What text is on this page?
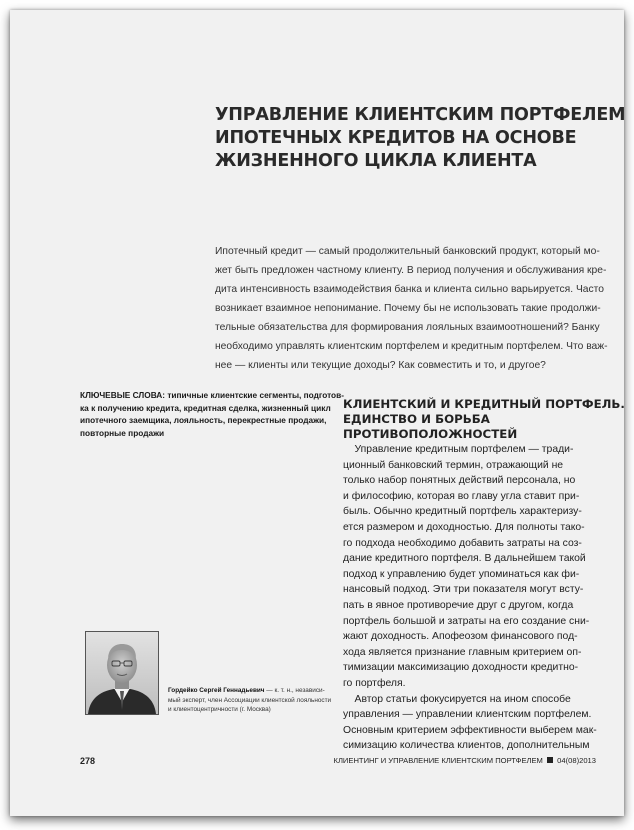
УПРАВЛЕНИЕ КЛИЕНТСКИМ ПОРТФЕЛЕМ
ИПОТЕЧНЫХ КРЕДИТОВ НА ОСНОВЕ
ЖИЗНЕННОГО ЦИКЛА КЛИЕНТА
Ипотечный кредит — самый продолжительный банковский продукт, который мо-
жет быть предложен частному клиенту. В период получения и обслуживания кре-
дита интенсивность взаимодействия банка и клиента сильно варьируется. Часто
возникает взаимное непонимание. Почему бы не использовать такие продолжи-
тельные обязательства для формирования лояльных взаимоотношений? Банку
необходимо управлять клиентским портфелем и кредитным портфелем. Что важ-
нее — клиенты или текущие доходы? Как совместить и то, и другое?
КЛЮЧЕВЫЕ СЛОВА: типичные клиентские сегменты, подготов-
ка к получению кредита, кредитная сделка, жизненный цикл
ипотечного заемщика, лояльность, перекрестные продажи,
повторные продажи
КЛИЕНТСКИЙ И КРЕДИТНЫЙ ПОРТФЕЛЬ.
ЕДИНСТВО И БОРЬБА
ПРОТИВОПОЛОЖНОСТЕЙ
Управление кредитным портфелем — тради-
ционный банковский термин, отражающий не
только набор понятных действий персонала, но
и философию, которая во главу угла ставит при-
быль. Обычно кредитный портфель характеризу-
ется размером и доходностью. Для полноты тако-
го подхода необходимо добавить затраты на соз-
дание кредитного портфеля. В дальнейшем такой
подход к управлению будет упоминаться как фи-
нансовый подход. Эти три показателя могут всту-
пать в явное противоречие друг с другом, когда
портфель большой и затраты на его создание сни-
жают доходность. Апофеозом финансового под-
хода является признание главным критерием оп-
тимизации максимизацию доходности кредитно-
го портфеля.
Автор статьи фокусируется на ином способе
управления — управлении клиентским портфелем.
Основным критерием эффективности выберем мак-
симизацию количества клиентов, дополнительным
Гордейко Сергей Геннадьевич — к. т. н., независи-
мый эксперт, член Ассоциации клиентской лояльности
и клиентоцентричности (г. Москва)
278	КЛИЕНТИНГ И УПРАВЛЕНИЕ КЛИЕНТСКИМ ПОРТФЕЛЕМ 04(08)2013
